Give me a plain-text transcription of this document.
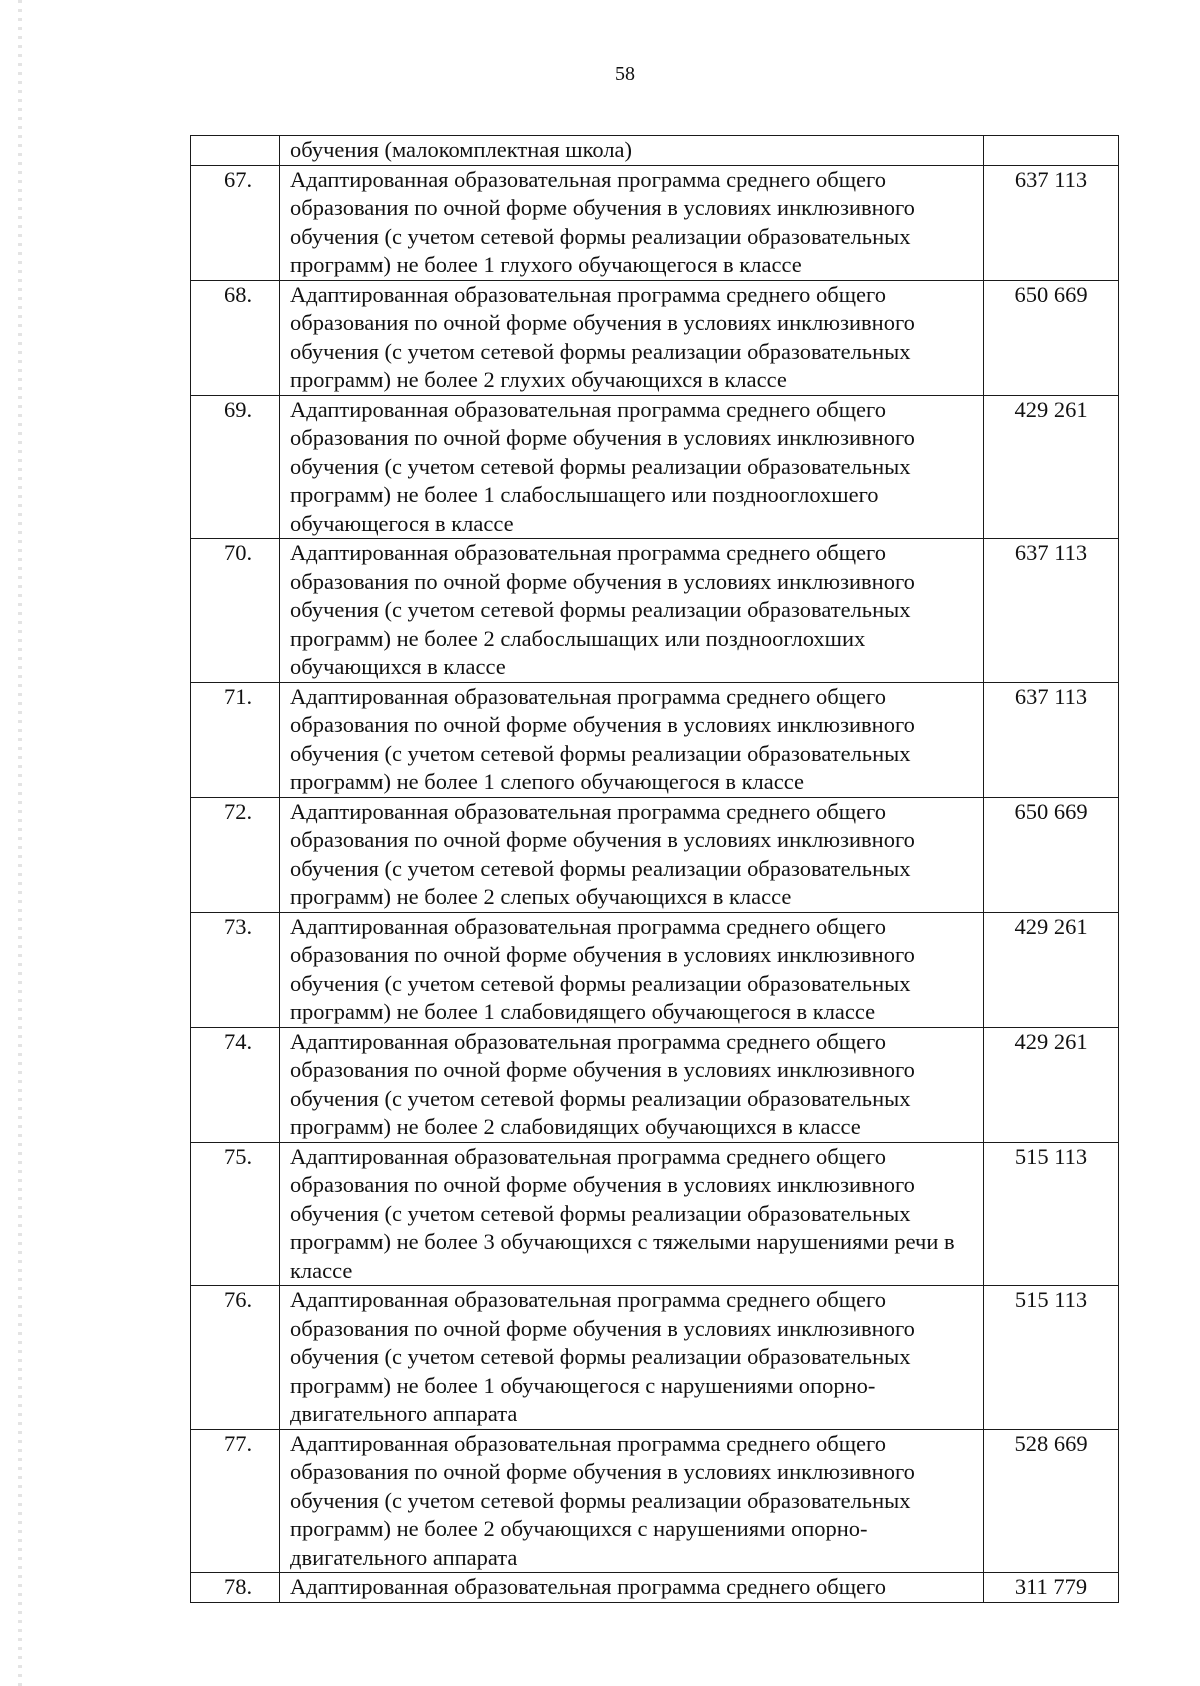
58
	обучения (малокомплектная школа)	
67.	Адаптированная образовательная программа среднего общего образования по очной форме обучения в условиях инклюзивного обучения (с учетом сетевой формы реализации образовательных программ) не более 1 глухого обучающегося в классе	637 113
68.	Адаптированная образовательная программа среднего общего образования по очной форме обучения в условиях инклюзивного обучения (с учетом сетевой формы реализации образовательных программ) не более 2 глухих обучающихся в классе	650 669
69.	Адаптированная образовательная программа среднего общего образования по очной форме обучения в условиях инклюзивного обучения (с учетом сетевой формы реализации образовательных программ) не более 1 слабослышащего или позднооглохшего обучающегося в классе	429 261
70.	Адаптированная образовательная программа среднего общего образования по очной форме обучения в условиях инклюзивного обучения (с учетом сетевой формы реализации образовательных программ) не более 2 слабослышащих или позднооглохших обучающихся в классе	637 113
71.	Адаптированная образовательная программа среднего общего образования по очной форме обучения в условиях инклюзивного обучения (с учетом сетевой формы реализации образовательных программ) не более 1 слепого обучающегося в классе	637 113
72.	Адаптированная образовательная программа среднего общего образования по очной форме обучения в условиях инклюзивного обучения (с учетом сетевой формы реализации образовательных программ) не более 2 слепых обучающихся в классе	650 669
73.	Адаптированная образовательная программа среднего общего образования по очной форме обучения в условиях инклюзивного обучения (с учетом сетевой формы реализации образовательных программ) не более 1 слабовидящего обучающегося в классе	429 261
74.	Адаптированная образовательная программа среднего общего образования по очной форме обучения в условиях инклюзивного обучения (с учетом сетевой формы реализации образовательных программ) не более 2 слабовидящих обучающихся в классе	429 261
75.	Адаптированная образовательная программа среднего общего образования по очной форме обучения в условиях инклюзивного обучения (с учетом сетевой формы реализации образовательных программ) не более 3 обучающихся с тяжелыми нарушениями речи в классе	515 113
76.	Адаптированная образовательная программа среднего общего образования по очной форме обучения в условиях инклюзивного обучения (с учетом сетевой формы реализации образовательных программ) не более 1 обучающегося с нарушениями опорно-двигательного аппарата	515 113
77.	Адаптированная образовательная программа среднего общего образования по очной форме обучения в условиях инклюзивного обучения (с учетом сетевой формы реализации образовательных программ) не более 2 обучающихся с нарушениями опорно-двигательного аппарата	528 669
78.	Адаптированная образовательная программа среднего общего	311 779
